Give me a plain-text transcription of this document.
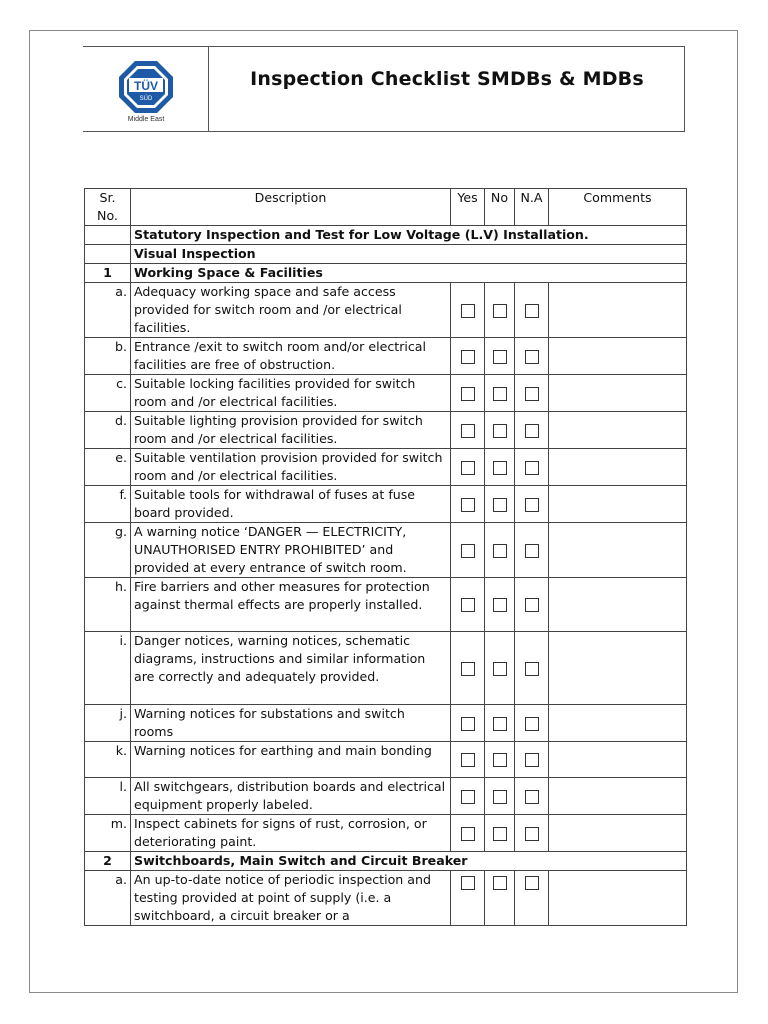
TÜV
SÜD
Middle East
Inspection Checklist SMDBs & MDBs
Sr. No.	Description	Yes	No	N.A	Comments
	Statutory Inspection and Test for Low Voltage (L.V) Installation.				
	Visual Inspection				
1	Working Space & Facilities				
a.	Adequacy working space and safe access provided for switch room and /or electrical facilities.				
b.	Entrance /exit to switch room and/or electrical facilities are free of obstruction.				
c.	Suitable locking facilities provided for switch room and /or electrical facilities.				
d.	Suitable lighting provision provided for switch room and /or electrical facilities.				
e.	Suitable ventilation provision provided for switch room and /or electrical facilities.				
f.	Suitable tools for withdrawal of fuses at fuse board provided.				
g.	A warning notice ‘DANGER — ELECTRICITY, UNAUTHORISED ENTRY PROHIBITED’ and provided at every entrance of switch room.				
h.	Fire barriers and other measures for protection against thermal effects are properly installed.				
i.	Danger notices, warning notices, schematic diagrams, instructions and similar information are correctly and adequately provided.				
j.	Warning notices for substations and switch rooms				
k.	Warning notices for earthing and main bonding				
l.	All switchgears, distribution boards and electrical equipment properly labeled.				
m.	Inspect cabinets for signs of rust, corrosion, or deteriorating paint.				
2	Switchboards, Main Switch and Circuit Breaker				
a.	An up-to-date notice of periodic inspection and testing provided at point of supply (i.e. a switchboard, a circuit breaker or a				
